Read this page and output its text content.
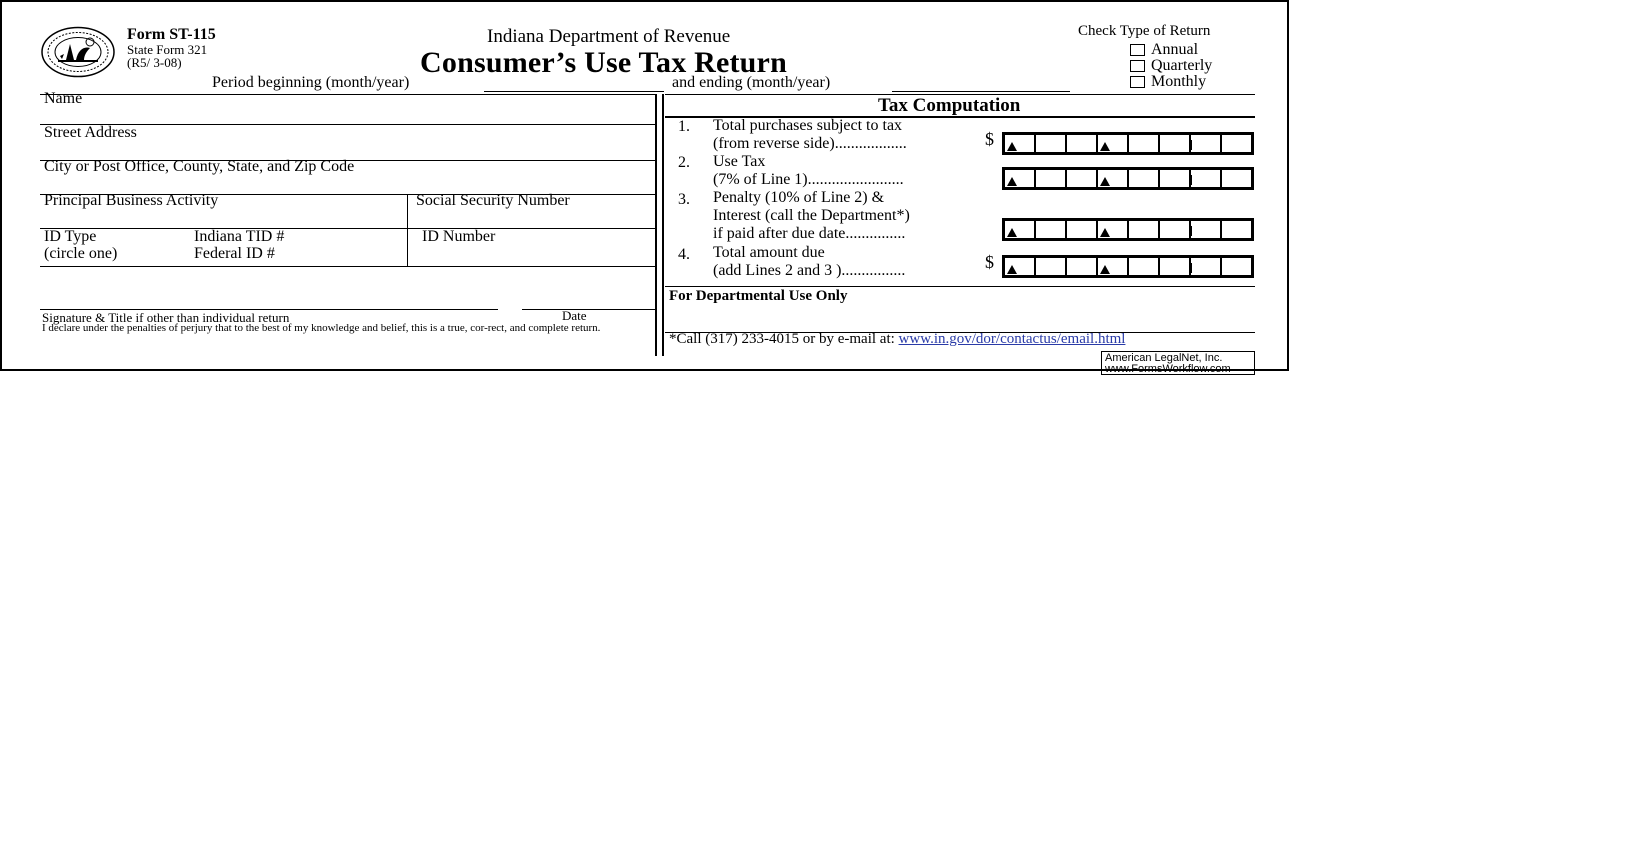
Form ST-115
State Form 321
(R5/ 3-08)
Indiana Department of Revenue
Consumer’s Use Tax Return
Period beginning (month/year)	and ending (month/year)
Check Type of Return
Annual
Quarterly
Monthly
Name
Street Address
City or Post Office, County, State, and Zip Code
Principal Business Activity	Social Security Number
ID Type
(circle one)
Indiana TID #
Federal ID #
ID Number
Signature & Title if other than individual return	Date
I declare under the penalties of perjury that to the best of my knowledge and belief, this is a true, cor-rect, and complete return.
Tax Computation
1. Total purchases subject to tax
(from reverse side)..................	$
2. Use Tax
(7% of Line 1)........................
3. Penalty (10% of Line 2) &
Interest (call the Department*)
if paid after due date...............
4. Total amount due
(add Lines 2 and 3 )................	$
For Departmental Use Only
*Call (317) 233-4015 or by e-mail at: www.in.gov/dor/contactus/email.html
American LegalNet, Inc.
www.FormsWorkflow.com
